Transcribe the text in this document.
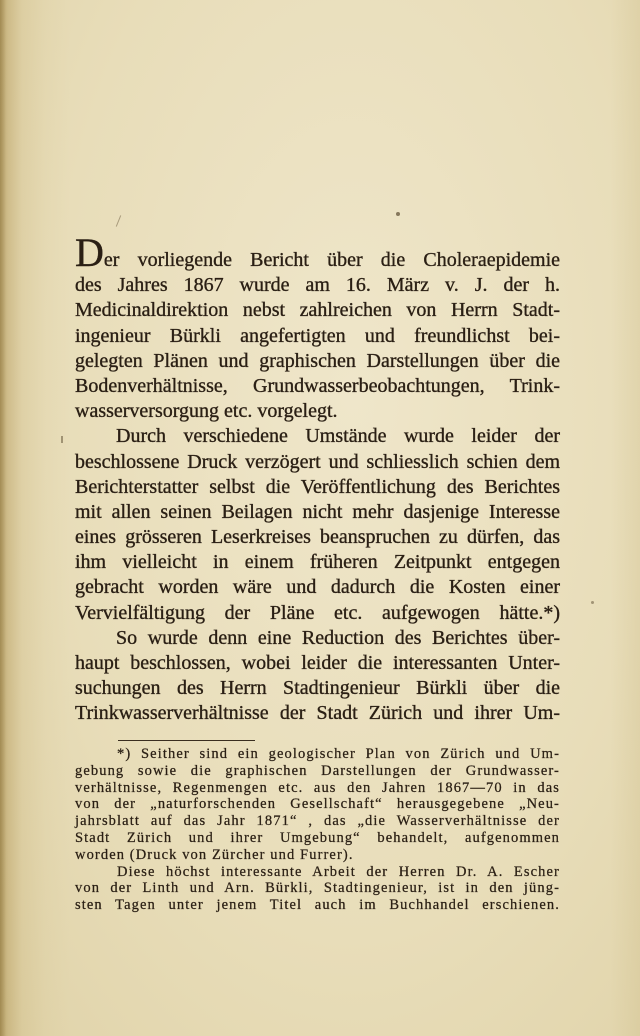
Der vorliegende Bericht über die Choleraepidemie
des Jahres 1867 wurde am 16. März v. J. der h.
Medicinaldirektion nebst zahlreichen von Herrn Stadt-
ingenieur Bürkli angefertigten und freundlichst bei-
gelegten Plänen und graphischen Darstellungen über die
Bodenverhältnisse, Grundwasserbeobachtungen, Trink-
wasserversorgung etc. vorgelegt.
Durch verschiedene Umstände wurde leider der
beschlossene Druck verzögert und schliesslich schien dem
Berichterstatter selbst die Veröffentlichung des Berichtes
mit allen seinen Beilagen nicht mehr dasjenige Interesse
eines grösseren Leserkreises beanspruchen zu dürfen, das
ihm vielleicht in einem früheren Zeitpunkt entgegen
gebracht worden wäre und dadurch die Kosten einer
Vervielfältigung der Pläne etc. aufgewogen hätte.*)
So wurde denn eine Reduction des Berichtes über-
haupt beschlossen, wobei leider die interessanten Unter-
suchungen des Herrn Stadtingenieur Bürkli über die
Trinkwasserverhältnisse der Stadt Zürich und ihrer Um-
*) Seither sind ein geologischer Plan von Zürich und Um-
gebung sowie die graphischen Darstellungen der Grundwasser-
verhältnisse, Regenmengen etc. aus den Jahren 1867—70 in das
von der „naturforschenden Gesellschaft“ herausgegebene „Neu-
jahrsblatt auf das Jahr 1871“ , das „die Wasserverhältnisse der
Stadt Zürich und ihrer Umgebung“ behandelt, aufgenommen
worden (Druck von Zürcher und Furrer).
Diese höchst interessante Arbeit der Herren Dr. A. Escher
von der Linth und Arn. Bürkli, Stadtingenieur, ist in den jüng-
sten Tagen unter jenem Titel auch im Buchhandel erschienen.
